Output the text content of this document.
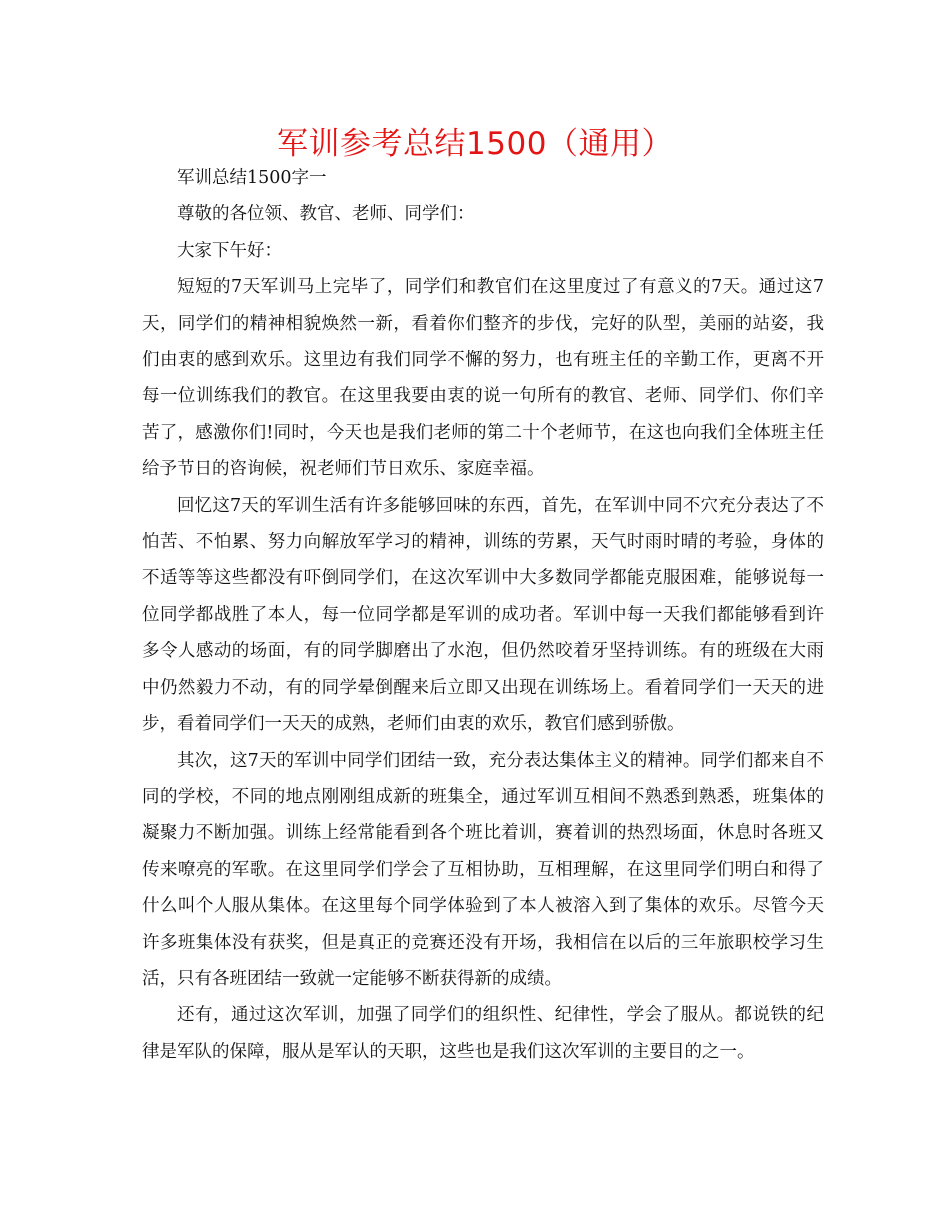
军训参考总结1500（通用）

军训总结1500字一

尊敬的各位领、教官、老师、同学们：

大家下午好：

短短的7天军训马上完毕了，同学们和教官们在这里度过了有意义的7天。通过这7天，同学们的精神相貌焕然一新，看着你们整齐的步伐，完好的队型，美丽的站姿，我们由衷的感到欢乐。这里边有我们同学不懈的努力，也有班主任的辛勤工作，更离不开每一位训练我们的教官。在这里我要由衷的说一句所有的教官、老师、同学们、你们辛苦了，感激你们!同时，今天也是我们老师的第二十个老师节，在这也向我们全体班主任给予节日的咨询候，祝老师们节日欢乐、家庭幸福。

回忆这7天的军训生活有许多能够回味的东西，首先，在军训中同不穴充分表达了不怕苦、不怕累、努力向解放军学习的精神，训练的劳累，天气时雨时晴的考验，身体的不适等等这些都没有吓倒同学们，在这次军训中大多数同学都能克服困难，能够说每一位同学都战胜了本人，每一位同学都是军训的成功者。军训中每一天我们都能够看到许多令人感动的场面，有的同学脚磨出了水泡，但仍然咬着牙坚持训练。有的班级在大雨中仍然毅力不动，有的同学晕倒醒来后立即又出现在训练场上。看着同学们一天天的进步，看着同学们一天天的成熟，老师们由衷的欢乐，教官们感到骄傲。

其次，这7天的军训中同学们团结一致，充分表达集体主义的精神。同学们都来自不同的学校，不同的地点刚刚组成新的班集全，通过军训互相间不熟悉到熟悉，班集体的凝聚力不断加强。训练上经常能看到各个班比着训，赛着训的热烈场面，休息时各班又传来嘹亮的军歌。在这里同学们学会了互相协助，互相理解，在这里同学们明白和得了什么叫个人服从集体。在这里每个同学体验到了本人被溶入到了集体的欢乐。尽管今天许多班集体没有获奖，但是真正的竞赛还没有开场，我相信在以后的三年旅职校学习生活，只有各班团结一致就一定能够不断获得新的成绩。

还有，通过这次军训，加强了同学们的组织性、纪律性，学会了服从。都说铁的纪律是军队的保障，服从是军认的天职，这些也是我们这次军训的主要目的之一。
